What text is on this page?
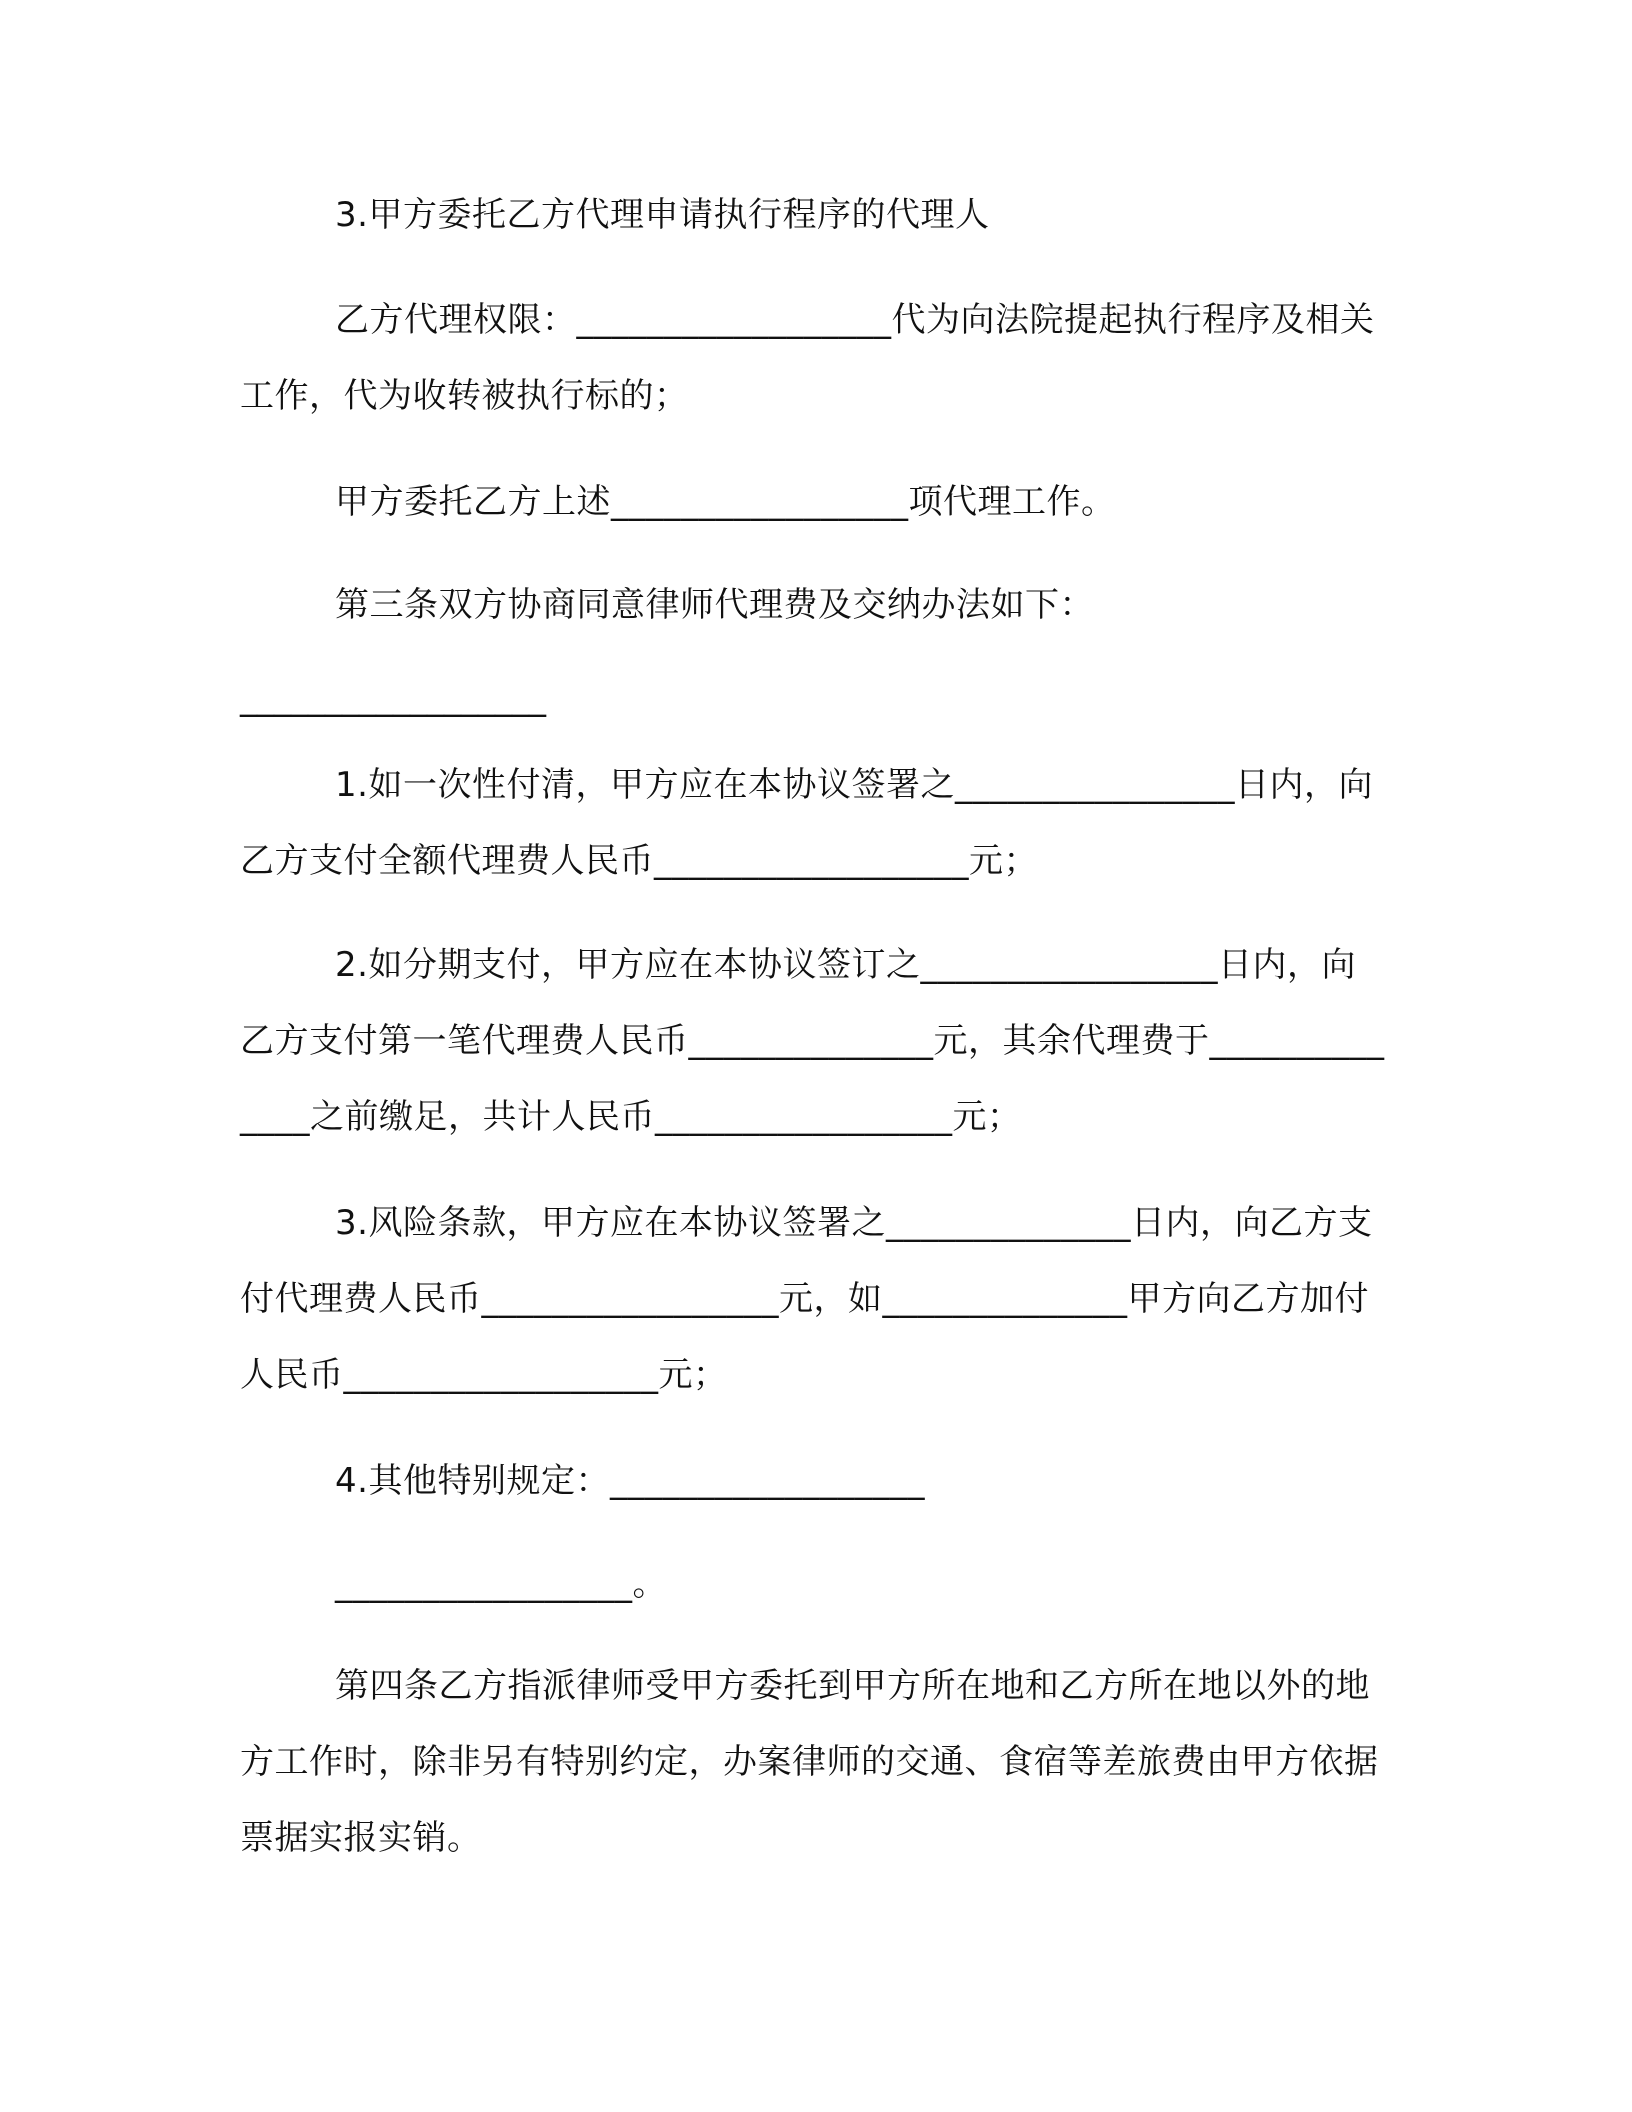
3.甲方委托乙方代理申请执行程序的代理人
乙方代理权限：__________________代为向法院提起执行程序及相关工作，代为收转被执行标的；
甲方委托乙方上述_________________项代理工作。
第三条双方协商同意律师代理费及交纳办法如下：
__________________
1.如一次性付清，甲方应在本协议签署之________________日内，向乙方支付全额代理费人民币__________________元；
2.如分期支付，甲方应在本协议签订之_________________日内，向乙方支付第一笔代理费人民币______________元，其余代理费于______________之前缴足，共计人民币_________________元；
3.风险条款，甲方应在本协议签署之______________日内，向乙方支付代理费人民币_________________元，如______________甲方向乙方加付人民币__________________元；
4.其他特别规定：__________________
_________________。
第四条乙方指派律师受甲方委托到甲方所在地和乙方所在地以外的地方工作时，除非另有特别约定，办案律师的交通、食宿等差旅费由甲方依据票据实报实销。
